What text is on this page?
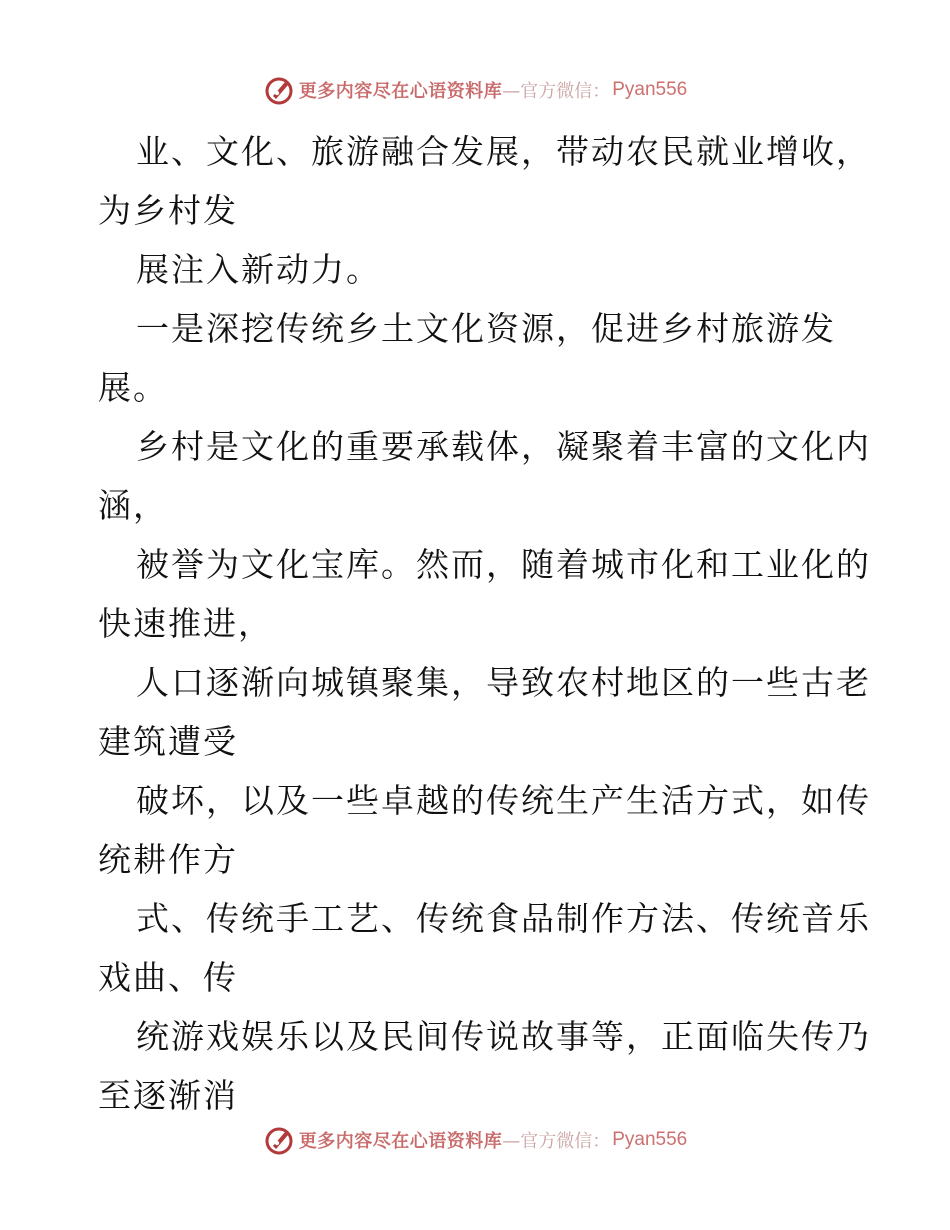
更多内容尽在心语资料库 —官方微信： Pyan556
业、文化、旅游融合发展，带动农民就业增收，
为乡村发
展注入新动力。
一是深挖传统乡土文化资源，促进乡村旅游发
展。
乡村是文化的重要承载体，凝聚着丰富的文化内
涵，
被誉为文化宝库。然而，随着城市化和工业化的
快速推进，
人口逐渐向城镇聚集，导致农村地区的一些古老
建筑遭受
破坏，以及一些卓越的传统生产生活方式，如传
统耕作方
式、传统手工艺、传统食品制作方法、传统音乐
戏曲、传
统游戏娱乐以及民间传说故事等，正面临失传乃
至逐渐消
更多内容尽在心语资料库 —官方微信： Pyan556
